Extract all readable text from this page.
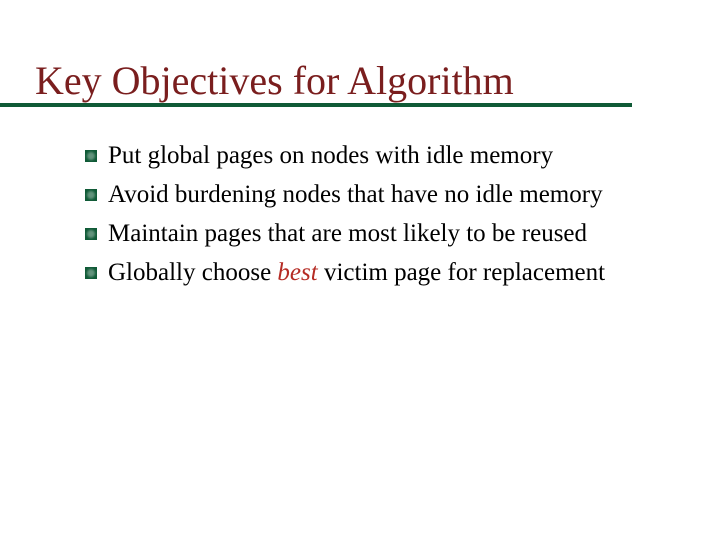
Key Objectives for Algorithm
Put global pages on nodes with idle memory
Avoid burdening nodes that have no idle memory
Maintain pages that are most likely to be reused
Globally choose best victim page for replacement
